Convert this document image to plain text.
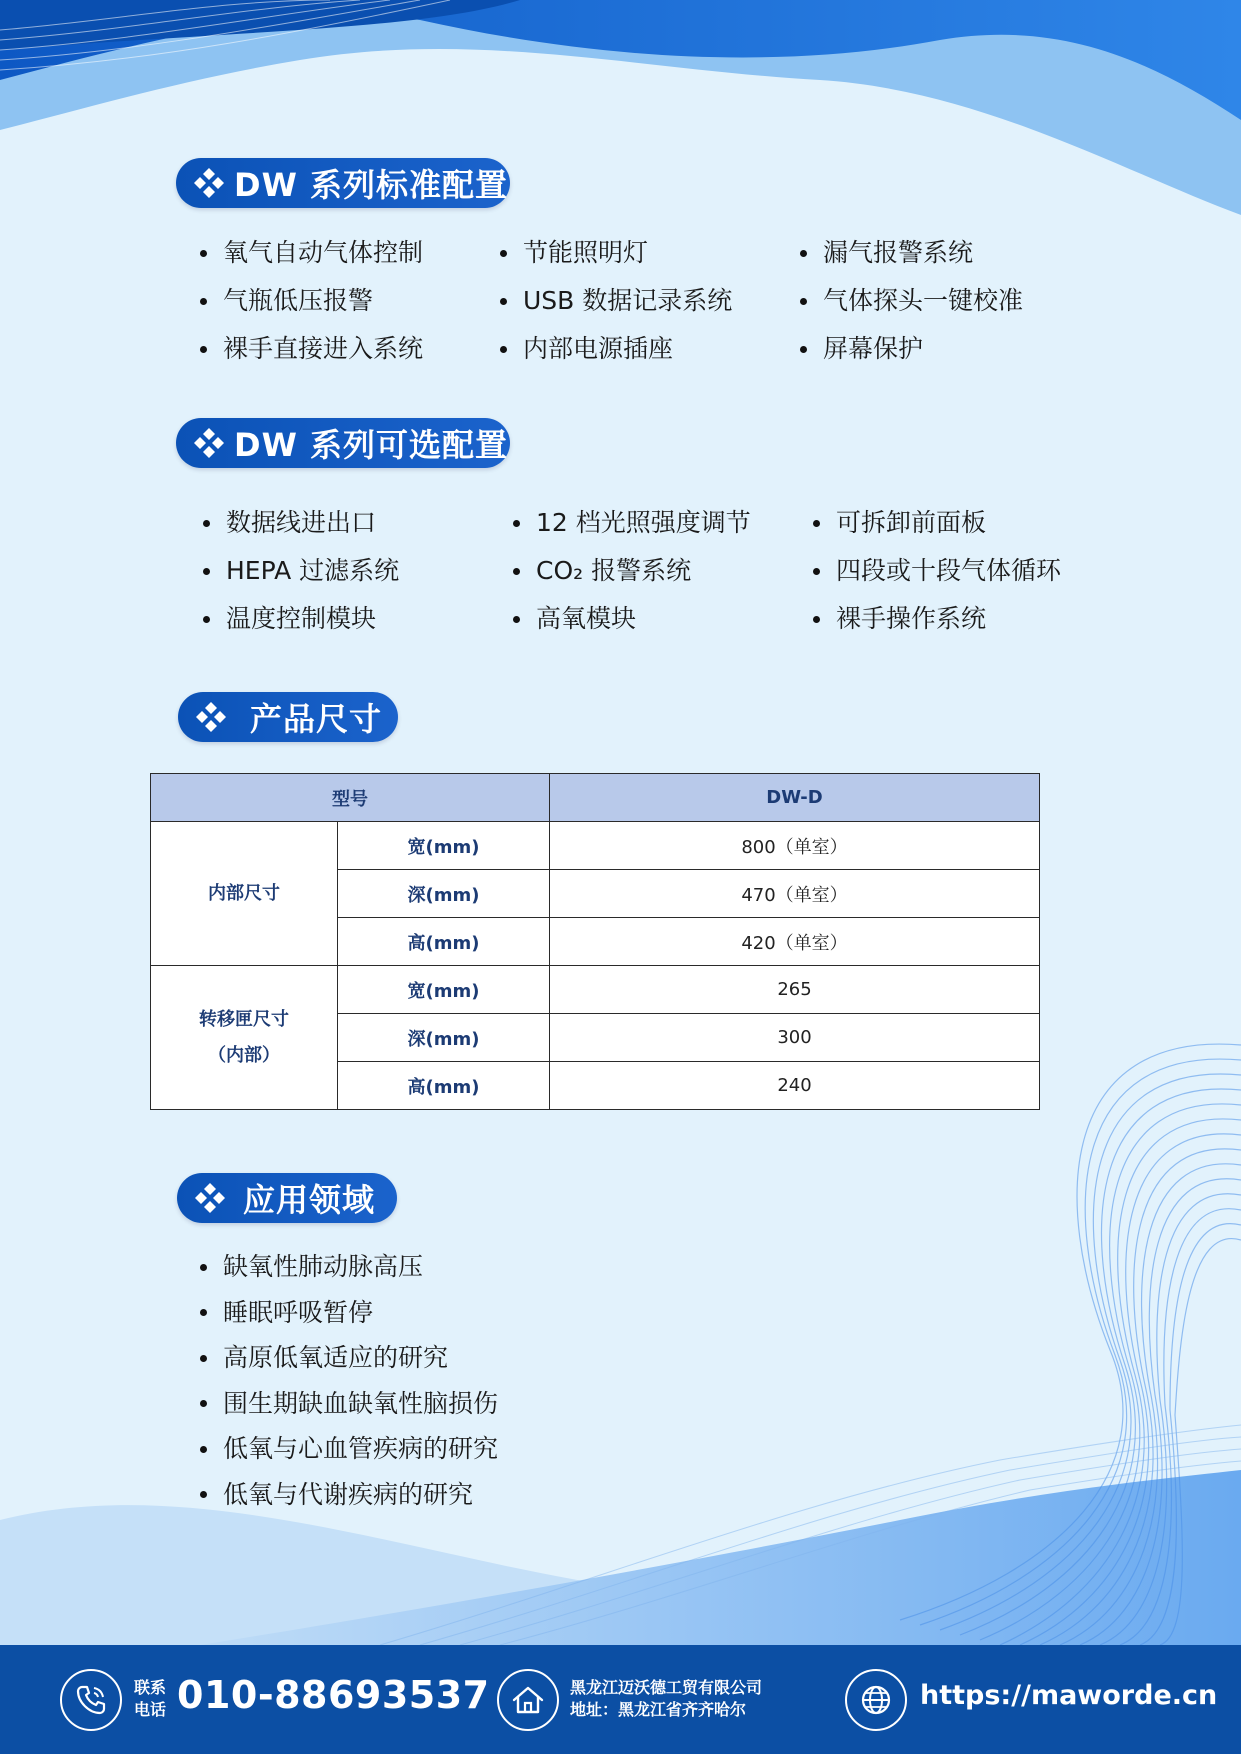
DW 系列标准配置
氧气自动气体控制	节能照明灯	漏气报警系统
气瓶低压报警	USB 数据记录系统	气体探头一键校准
裸手直接进入系统	内部电源插座	屏幕保护
DW 系列可选配置
数据线进出口	12 档光照强度调节	可拆卸前面板
HEPA 过滤系统	CO₂ 报警系统	四段或十段气体循环
温度控制模块	高氧模块	裸手操作系统
产品尺寸
型号		DW-D
内部尺寸	宽(mm)	800（单室）
	深(mm)	470（单室）
	高(mm)	420（单室）

转移匣尺寸
（内部）	宽(mm)	265
	深(mm)	300
	高(mm)	240
应用领域
缺氧性肺动脉高压
睡眠呼吸暂停
高原低氧适应的研究
围生期缺血缺氧性脑损伤
低氧与心血管疾病的研究
低氧与代谢疾病的研究
联系
电话 010-88693537	黑龙江迈沃德工贸有限公司
地址：黑龙江省齐齐哈尔	https://maworde.cn
